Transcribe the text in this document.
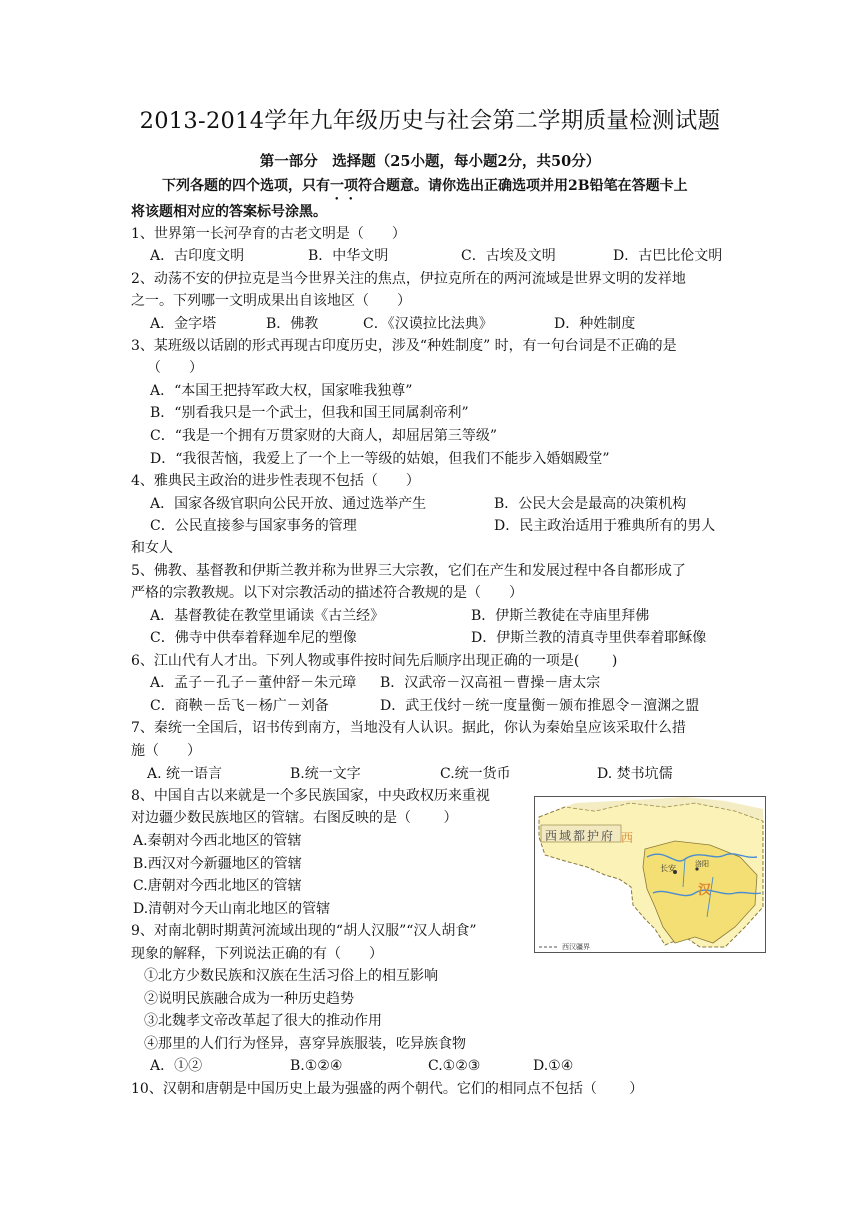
2013-2014学年九年级历史与社会第二学期质量检测试题
第一部分　选择题（25小题，每小题2分，共50分）
　　下列各题的四个选项，只有一项符合题意。请你选出正确选项并用2B铅笔在答题卡上
将该题相对应的答案标号涂黑。
1、世界第一长河孕育的古老文明是（　　）
A．古印度文明	B．中华文明	C．古埃及文明	D．古巴比伦文明
2、动荡不安的伊拉克是当今世界关注的焦点，伊拉克所在的两河流域是世界文明的发祥地
之一。下列哪一文明成果出自该地区（　　）
A．金字塔	B．佛教	C．《汉谟拉比法典》	D．种姓制度
3、某班级以话剧的形式再现古印度历史，涉及“种姓制度” 时，有一句台词是不正确的是
（　　）
A．“本国王把持军政大权，国家唯我独尊”
B．“别看我只是一个武士，但我和国王同属刹帝利”
C．“我是一个拥有万贯家财的大商人，却屈居第三等级”
D．“我很苦恼，我爱上了一个上一等级的姑娘，但我们不能步入婚姻殿堂”
4、雅典民主政治的进步性表现不包括（　　）
A．国家各级官职向公民开放、通过选举产生	B．公民大会是最高的决策机构
C．公民直接参与国家事务的管理	D．民主政治适用于雅典所有的男人
和女人
5、佛教、基督教和伊斯兰教并称为世界三大宗教，它们在产生和发展过程中各自都形成了
严格的宗教教规。以下对宗教活动的描述符合教规的是（　　）
A．基督教徒在教堂里诵读《古兰经》	B．伊斯兰教徒在寺庙里拜佛
C．佛寺中供奉着释迦牟尼的塑像	D．伊斯兰教的清真寺里供奉着耶稣像
6、江山代有人才出。下列人物或事件按时间先后顺序出现正确的一项是(　　 )
A．孟子－孔子－董仲舒－朱元璋 B．汉武帝－汉高祖－曹操－唐太宗
C．商鞅－岳飞－杨广－刘备	D．武王伐纣－统一度量衡－颁布推恩令－澶渊之盟
7、秦统一全国后，诏书传到南方，当地没有人认识。据此，你认为秦始皇应该采取什么措
施（　　）
A. 统一语言	B.统一文字	C.统一货币	D. 焚书坑儒
8、中国自古以来就是一个多民族国家，中央政权历来重视
对边疆少数民族地区的管辖。右图反映的是（　　 ）
A.秦朝对今西北地区的管辖
B.西汉对今新疆地区的管辖
C.唐朝对今西北地区的管辖
D.清朝对今天山南北地区的管辖
西域都护府 西
汉
长安	洛阳
西汉疆界
9、对南北朝时期黄河流域出现的“胡人汉服”“汉人胡食”
现象的解释，下列说法正确的有（　　）
①北方少数民族和汉族在生活习俗上的相互影响
②说明民族融合成为一种历史趋势
③北魏孝文帝改革起了很大的推动作用
④那里的人们行为怪异，喜穿异族服装，吃异族食物
A．①②	B.①②④	C.①②③	D.①④
10、汉朝和唐朝是中国历史上最为强盛的两个朝代。它们的相同点不包括（　　 ）
